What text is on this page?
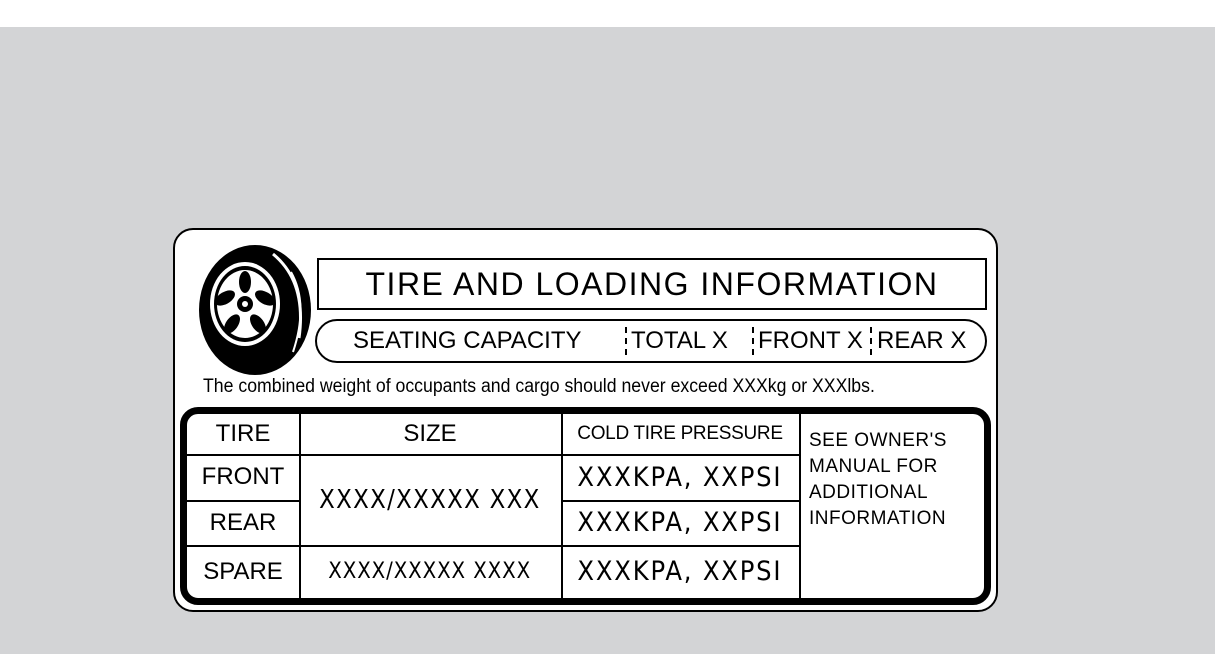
TIRE AND LOADING INFORMATION
SEATING CAPACITY TOTAL X FRONT X REAR X
The combined weight of occupants and cargo should never exceed XXXkg or XXXlbs.
TIRE	SIZE	COLD TIRE PRESSURE
FRONT
REAR
SPARE
XXXX/XXXXX XXX
XXXX/XXXXX XXXX
XXXKPA, XXPSI
XXXKPA, XXPSI
XXXKPA, XXPSI
SEE OWNER'S
MANUAL FOR
ADDITIONAL
INFORMATION
